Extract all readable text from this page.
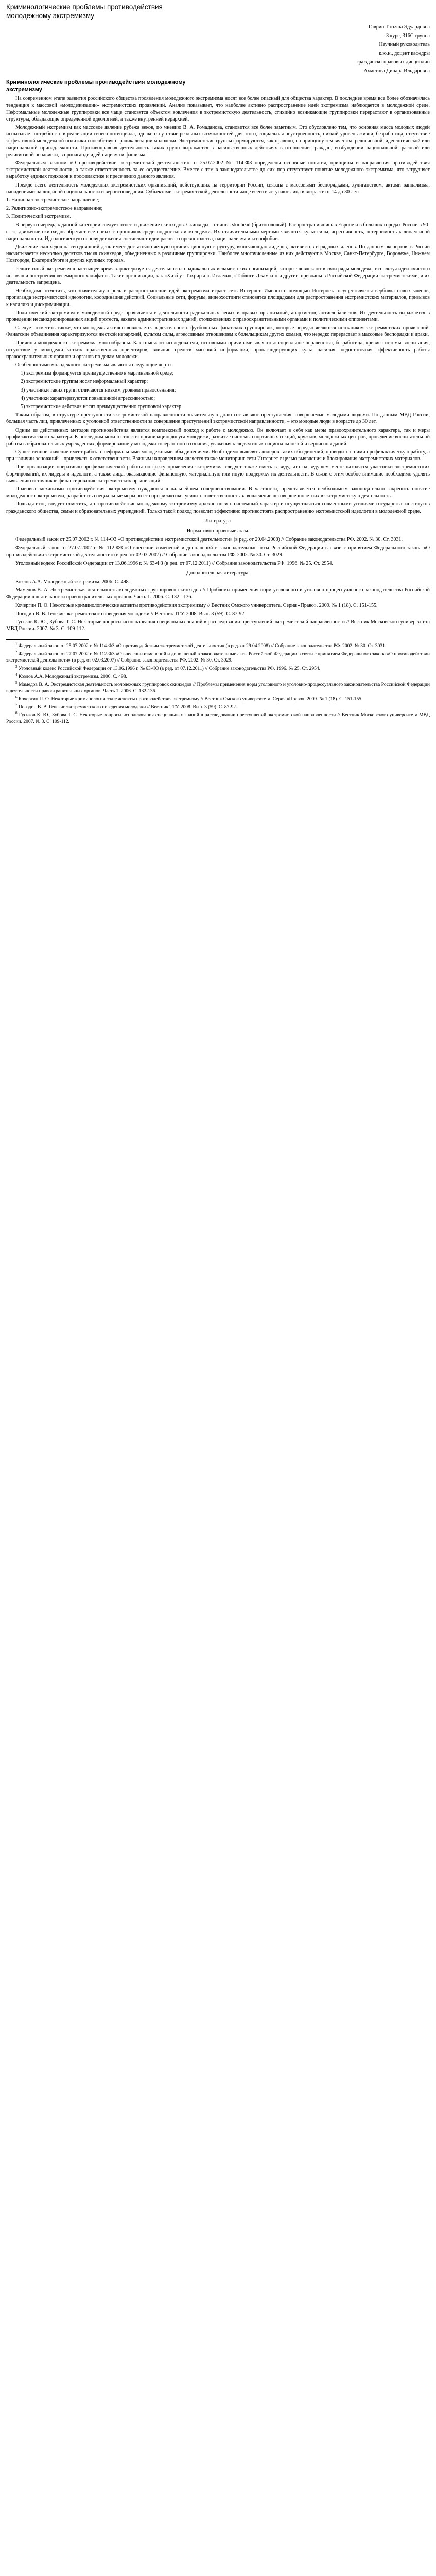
Криминологические проблемы противодействия молодежному экстремизму
Гаврин Татьяна Эдуардовна
3 курс, 316С группа
Научный руководитель
к.ю.н., доцент кафедры
гражданско-правовых дисциплин
Ахметова Динара Ильдаровна
Криминологические проблемы противодействия молодежному экстремизму

На современном этапе развития российского общества проявления молодежного экстремизма носят все более опасный для общества характер. В последнее время все более обозначилась тенденция к массовой «молодежизации» экстремистских проявлений. Анализ показывает, что наиболее активно распространение идей экстремизма наблюдается в молодежной среде. Неформальные молодежные группировки все чаще становятся объектом вовлечения в экстремистскую деятельность, стихийно возникающие группировки перерастают в организованные структуры, обладающие определенной идеологией, а также внутренней иерархией.

Молодежный экстремизм как массовое явление рубежа веков, по мнению В. А. Ромаданова, становится все более заметным. Это обусловлено тем, что основная масса молодых людей испытывает потребность в реализации своего потенциала, однако отсутствие реальных возможностей для этого, социальная неустроенность, низкий уровень жизни, безработица, отсутствие эффективной молодежной политики способствуют радикализации молодежи. Экстремистские группы формируются, как правило, по принципу землячества, религиозной, идеологической или национальной принадлежности. Противоправная деятельность таких групп выражается в насильственных действиях в отношении граждан, возбуждении национальной, расовой или религиозной ненависти, в пропаганде идей нацизма и фашизма.

Федеральным законом «О противодействии экстремистской деятельности» от 25.07.2002 № 114-ФЗ определены основные понятия, принципы и направления противодействия экстремистской деятельности, а также ответственность за ее осуществление. Вместе с тем в законодательстве до сих пор отсутствует понятие молодежного экстремизма, что затрудняет выработку единых подходов к профилактике и пресечению данного явления.

Прежде всего деятельность молодежных экстремистских организаций, действующих на территории России, связана с массовыми беспорядками, хулиганством, актами вандализма, нападениями на лиц иной национальности и вероисповедания. Субъектами экстремистской деятельности чаще всего выступают лица в возрасте от 14 до 30 лет:

1. Национал-экстремистское направление;

2. Религиозно-экстремистское направление;

3. Политический экстремизм.

В первую очередь, к данной категории следует отнести движение скинхедов. Скинхеды – от англ. skinhead (бритоголовый). Распространившись в Европе и в больших городах России в 90-е гг., движение скинхедов обретает все новых сторонников среди подростков и молодежи. Их отличительными чертами являются культ силы, агрессивность, нетерпимость к лицам иной национальности. Идеологическую основу движения составляют идеи расового превосходства, национализма и ксенофобии.

Движение скинхедов на сегодняшний день имеет достаточно четкую организационную структуру, включающую лидеров, активистов и рядовых членов. По данным экспертов, в России насчитывается несколько десятков тысяч скинхедов, объединенных в различные группировки. Наиболее многочисленные из них действуют в Москве, Санкт-Петербурге, Воронеже, Нижнем Новгороде, Екатеринбурге и других крупных городах.

Религиозный экстремизм в настоящее время характеризуется деятельностью радикальных исламистских организаций, которые вовлекают в свои ряды молодежь, используя идеи «чистого ислама» и построения «всемирного халифата». Такие организации, как «Хизб ут-Тахрир аль-Ислами», «Таблиги Джамаат» и другие, признаны в Российской Федерации экстремистскими, и их деятельность запрещена.

Необходимо отметить, что значительную роль в распространении идей экстремизма играет сеть Интернет. Именно с помощью Интернета осуществляется вербовка новых членов, пропаганда экстремистской идеологии, координация действий. Социальные сети, форумы, видеохостинги становятся площадками для распространения экстремистских материалов, призывов к насилию и дискриминации.

Политический экстремизм в молодежной среде проявляется в деятельности радикальных левых и правых организаций, анархистов, антиглобалистов. Их деятельность выражается в проведении несанкционированных акций протеста, захвате административных зданий, столкновениях с правоохранительными органами и политическими оппонентами.

Следует отметить также, что молодежь активно вовлекается в деятельность футбольных фанатских группировок, которые нередко являются источником экстремистских проявлений. Фанатские объединения характеризуются жесткой иерархией, культом силы, агрессивным отношением к болельщикам других команд, что нередко перерастает в массовые беспорядки и драки.

Причины молодежного экстремизма многообразны. Как отмечают исследователи, основными причинами являются: социальное неравенство, безработица, кризис системы воспитания, отсутствие у молодежи четких нравственных ориентиров, влияние средств массовой информации, пропагандирующих культ насилия, недостаточная эффективность работы правоохранительных органов и органов по делам молодежи.

Особенностями молодежного экстремизма являются следующие черты:

1) экстремизм формируется преимущественно в маргинальной среде;

2) экстремистские группы носят неформальный характер;

3) участники таких групп отличаются низким уровнем правосознания;

4) участники характеризуются повышенной агрессивностью;

5) экстремистские действия носят преимущественно групповой характер.

Таким образом, в структуре преступности экстремистской направленности значительную долю составляют преступления, совершаемые молодыми людьми. По данным МВД России, большая часть лиц, привлеченных к уголовной ответственности за совершение преступлений экстремистской направленности, – это молодые люди в возрасте до 30 лет.

Одним из действенных методов противодействия является комплексный подход к работе с молодежью. Он включает в себя как меры правоохранительного характера, так и меры профилактического характера. К последним можно отнести: организацию досуга молодежи, развитие системы спортивных секций, кружков, молодежных центров, проведение воспитательной работы в образовательных учреждениях, формирование у молодежи толерантного сознания, уважения к людям иных национальностей и вероисповеданий.

Существенное значение имеет работа с неформальными молодежными объединениями. Необходимо выявлять лидеров таких объединений, проводить с ними профилактическую работу, а при наличии оснований – привлекать к ответственности. Важным направлением является также мониторинг сети Интернет с целью выявления и блокирования экстремистских материалов.

При организации оперативно-профилактической работы по факту проявления экстремизма следует также иметь в виду, что на ведущем месте находятся участники экстремистских формирований, их лидеры и идеологи, а также лица, оказывающие финансовую, материальную или иную поддержку их деятельности. В связи с этим особое внимание необходимо уделять выявлению источников финансирования экстремистских организаций.

Правовые механизмы противодействия экстремизму нуждаются в дальнейшем совершенствовании. В частности, представляется необходимым законодательно закрепить понятие молодежного экстремизма, разработать специальные меры по его профилактике, усилить ответственность за вовлечение несовершеннолетних в экстремистскую деятельность.

Подводя итог, следует отметить, что противодействие молодежному экстремизму должно носить системный характер и осуществляться совместными усилиями государства, институтов гражданского общества, семьи и образовательных учреждений. Только такой подход позволит эффективно противостоять распространению экстремистской идеологии в молодежной среде.

Литература

Нормативно-правовые акты.

Федеральный закон от 25.07.2002 г. № 114-ФЗ «О противодействии экстремистской деятельности» (в ред. от 29.04.2008) // Собрание законодательства РФ. 2002. № 30. Ст. 3031.

Федеральный закон от 27.07.2002 г. № 112-ФЗ «О внесении изменений и дополнений в законодательные акты Российской Федерации в связи с принятием Федерального закона «О противодействии экстремистской деятельности» (в ред. от 02.03.2007) // Собрание законодательства РФ. 2002. № 30. Ст. 3029.

Уголовный кодекс Российской Федерации от 13.06.1996 г. № 63-ФЗ (в ред. от 07.12.2011) // Собрание законодательства РФ. 1996. № 25. Ст. 2954.

Дополнительная литература.

Козлов А.А. Молодежный экстремизм. 2006. С. 498.

Мамедов В. А. Экстремистская деятельность молодежных группировок скинхедов // Проблемы применения норм уголовного и уголовно-процессуального законодательства Российской Федерации в деятельности правоохранительных органов. Часть 1. 2006. С. 132 - 136.

Кочергин П. О. Некоторые криминологические аспекты противодействия экстремизму // Вестник Омского университета. Серия «Право». 2009. № 1 (18). С. 151-155.

Погодин В. В. Генезис экстремистского поведения молодежи // Вестник ТГУ. 2008. Вып. 3 (59). С. 87-92.

Гуськов К. Ю., Зубова Т. С. Некоторые вопросы использования специальных знаний в расследовании преступлений экстремистской направленности // Вестник Московского университета МВД России. 2007. № 3. С. 109-112.

$^1$ Федеральный закон от 25.07.2002 г. № 114-ФЗ «О противодействии экстремистской деятельности» (в ред. от 29.04.2008) // Собрание законодательства РФ. 2002. № 30. Ст. 3031.

$^2$ Федеральный закон от 27.07.2002 г. № 112-ФЗ «О внесении изменений и дополнений в законодательные акты Российской Федерации в связи с принятием Федерального закона «О противодействии экстремистской деятельности» (в ред. от 02.03.2007) // Собрание законодательства РФ. 2002. № 30. Ст. 3029.

$^3$ Уголовный кодекс Российской Федерации от 13.06.1996 г. № 63-ФЗ (в ред. от 07.12.2011) // Собрание законодательства РФ. 1996. № 25. Ст. 2954.

$^4$ Козлов А.А. Молодежный экстремизм. 2006. С. 498.

$^5$ Мамедов В. А. Экстремистская деятельность молодежных группировок скинхедов // Проблемы применения норм уголовного и уголовно-процессуального законодательства Российской Федерации в деятельности правоохранительных органов. Часть 1. 2006. С. 132-136.

$^6$ Кочергин П. О. Некоторые криминологические аспекты противодействия экстремизму // Вестник Омского университета. Серия «Право». 2009. № 1 (18). С. 151-155.

$^7$ Погодин В. В. Генезис экстремистского поведения молодежи // Вестник ТГУ. 2008. Вып. 3 (59). С. 87-92.

$^8$ Гуськов К. Ю., Зубова Т. С. Некоторые вопросы использования специальных знаний в расследовании преступлений экстремистской направленности // Вестник Московского университета МВД России. 2007. № 3. С. 109-112.
